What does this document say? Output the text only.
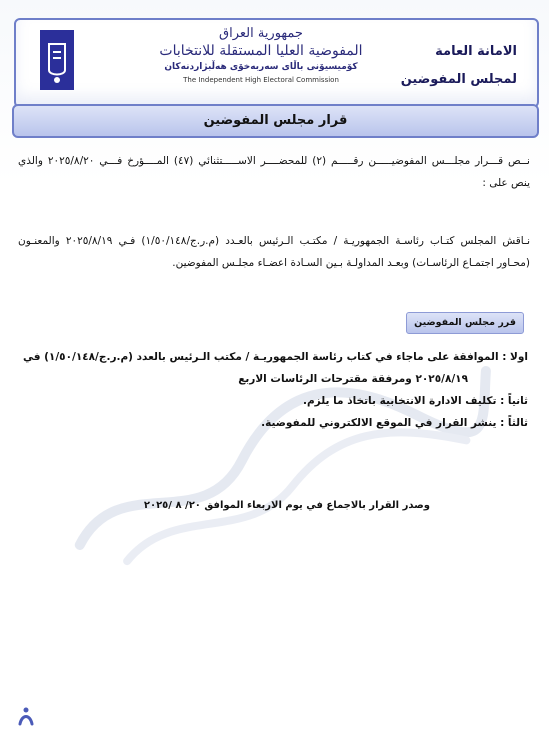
جمهورية العراق
المفوضية العليا المستقلة للانتخابات
كۆمیسیۆنی باڵای سەربەخۆی هەڵبژاردنەکان
The Independent High Electoral Commission
الامانة العامة
لمجلس المفوضين
قرار مجلس المفوضين

نــص قـــرار مجلـــس المفوضيـــــن رقـــــم (٢) للمحضــــر الاســـــتثنائي (٤٧) المــــؤرخ فـــي ٢٠٢٥/٨/٢٠ والذي ينص على :

نـاقش المجلس كتـاب رئاسـة الجمهوريـة / مكتـب الـرئيس بالعـدد (م.ر.ج/١/٥٠/١٤٨) فـي ٢٠٢٥/٨/١٩ والمعنـون (محـاور اجتمـاع الرئاسـات) وبعـد المداولـة بـين السـادة اعضـاء مجلـس المفوضين.

قرر مجلس المفوضين

اولا : الموافقة على ماجاء في كتاب رئاسة الجمهوريـة / مكتب الـرئيس بالعدد (م.ر.ج/١/٥٠/١٤٨) في

٢٠٢٥/٨/١٩ ومرفقة مقترحات الرئاسات الاربع

ثانياً : تكليف الادارة الانتخابية باتخاذ ما يلزم.

ثالثاً : ينشر القرار في الموقع الالكتروني للمفوضية.

وصدر القرار بالاجماع في يوم الاربعاء الموافق ٢٠/ ٨ /٢٠٢٥
